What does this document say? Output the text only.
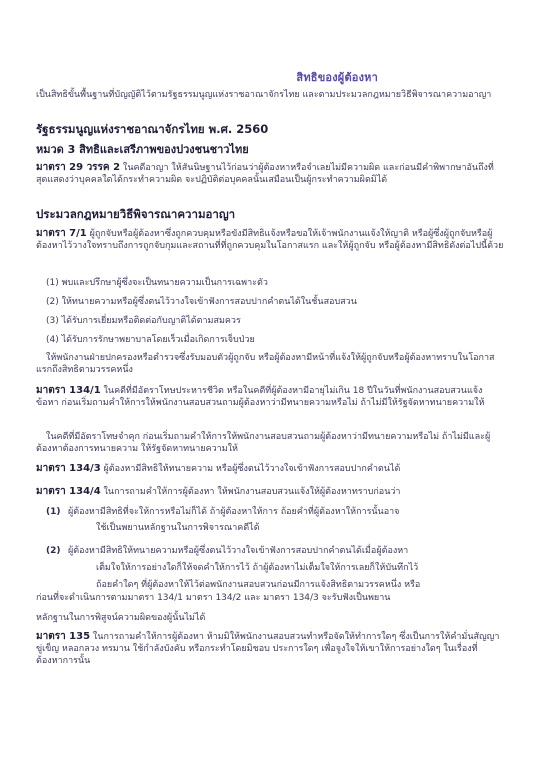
สิทธิของผู้ต้องหา
เป็นสิทธิขั้นพื้นฐานที่บัญญัติไว้ตามรัฐธรรมนูญแห่งราชอาณาจักรไทย และตามประมวลกฎหมายวิธีพิจารณาความอาญา
รัฐธรรมนูญแห่งราชอาณาจักรไทย พ.ศ. 2560
หมวด 3 สิทธิและเสรีภาพของปวงชนชาวไทย
มาตรา 29 วรรค 2 ในคดีอาญา ให้สันนิษฐานไว้ก่อนว่าผู้ต้องหาหรือจำเลยไม่มีความผิด และก่อนมีคำพิพากษาอันถึงที่สุดแสดงว่าบุคคลใดได้กระทำความผิด จะปฏิบัติต่อบุคคลนั้นเสมือนเป็นผู้กระทำความผิดมิได้
ประมวลกฎหมายวิธีพิจารณาความอาญา
มาตรา 7/1 ผู้ถูกจับหรือผู้ต้องหาซึ่งถูกควบคุมหรือขังมีสิทธิแจ้งหรือขอให้เจ้าพนักงานแจ้งให้ญาติ หรือผู้ซึ่งผู้ถูกจับหรือผู้ต้องหาไว้วางใจทราบถึงการถูกจับกุมและสถานที่ที่ถูกควบคุมในโอกาสแรก และให้ผู้ถูกจับ หรือผู้ต้องหามีสิทธิดังต่อไปนี้ด้วย
(1) พบและปรึกษาผู้ซึ่งจะเป็นทนายความเป็นการเฉพาะตัว
(2) ให้ทนายความหรือผู้ซึ่งตนไว้วางใจเข้าฟังการสอบปากคำตนได้ในชั้นสอบสวน
(3) ได้รับการเยี่ยมหรือติดต่อกับญาติได้ตามสมควร
(4) ได้รับการรักษาพยาบาลโดยเร็วเมื่อเกิดการเจ็บป่วย
ให้พนักงานฝ่ายปกครองหรือตำรวจซึ่งรับมอบตัวผู้ถูกจับ หรือผู้ต้องหามีหน้าที่แจ้งให้ผู้ถูกจับหรือผู้ต้องหาทราบในโอกาสแรกถึงสิทธิตามวรรคหนึ่ง
มาตรา 134/1 ในคดีที่มีอัตราโทษประหารชีวิต หรือในคดีที่ผู้ต้องหามีอายุไม่เกิน 18 ปีในวันที่พนักงานสอบสวนแจ้งข้อหา ก่อนเริ่มถามคำให้การให้พนักงานสอบสวนถามผู้ต้องหาว่ามีทนายความหรือไม่ ถ้าไม่มีให้รัฐจัดหาทนายความให้
ในคดีที่มีอัตราโทษจำคุก ก่อนเริ่มถามคำให้การให้พนักงานสอบสวนถามผู้ต้องหาว่ามีทนายความหรือไม่ ถ้าไม่มีและผู้ต้องหาต้องการทนายความ ให้รัฐจัดหาทนายความให้
มาตรา 134/3 ผู้ต้องหามีสิทธิให้ทนายความ หรือผู้ซึ่งตนไว้วางใจเข้าฟังการสอบปากคำตนได้
มาตรา 134/4 ในการถามคำให้การผู้ต้องหา ให้พนักงานสอบสวนแจ้งให้ผู้ต้องหาทราบก่อนว่า
(1) ผู้ต้องหามีสิทธิที่จะให้การหรือไม่ก็ได้ ถ้าผู้ต้องหาให้การ ถ้อยคำที่ผู้ต้องหาให้การนั้นอาจ
ใช้เป็นพยานหลักฐานในการพิจารณาคดีได้
(2) ผู้ต้องหามีสิทธิให้ทนายความหรือผู้ซึ่งตนไว้วางใจเข้าฟังการสอบปากคำตนได้เมื่อผู้ต้องหา
เต็มใจให้การอย่างใดก็ให้จดคำให้การไว้ ถ้าผู้ต้องหาไม่เต็มใจให้การเลยก็ให้บันทึกไว้
ถ้อยคำใดๆ ที่ผู้ต้องหาให้ไว้ต่อพนักงานสอบสวนก่อนมีการแจ้งสิทธิตามวรรคหนึ่ง หรือ
ก่อนที่จะดำเนินการตามมาตรา 134/1 มาตรา 134/2 และ มาตรา 134/3 จะรับฟังเป็นพยาน
หลักฐานในการพิสูจน์ความผิดของผู้นั้นไม่ได้
มาตรา 135 ในการถามคำให้การผู้ต้องหา ห้ามมิให้พนักงานสอบสวนทำหรือจัดให้ทำการใดๆ ซึ่งเป็นการให้คำมั่นสัญญา ขู่เข็ญ หลอกลวง ทรมาน ใช้กำลังบังคับ หรือกระทำโดยมิชอบ ประการใดๆ เพื่อจูงใจให้เขาให้การอย่างใดๆ ในเรื่องที่ต้องหาการนั้น
